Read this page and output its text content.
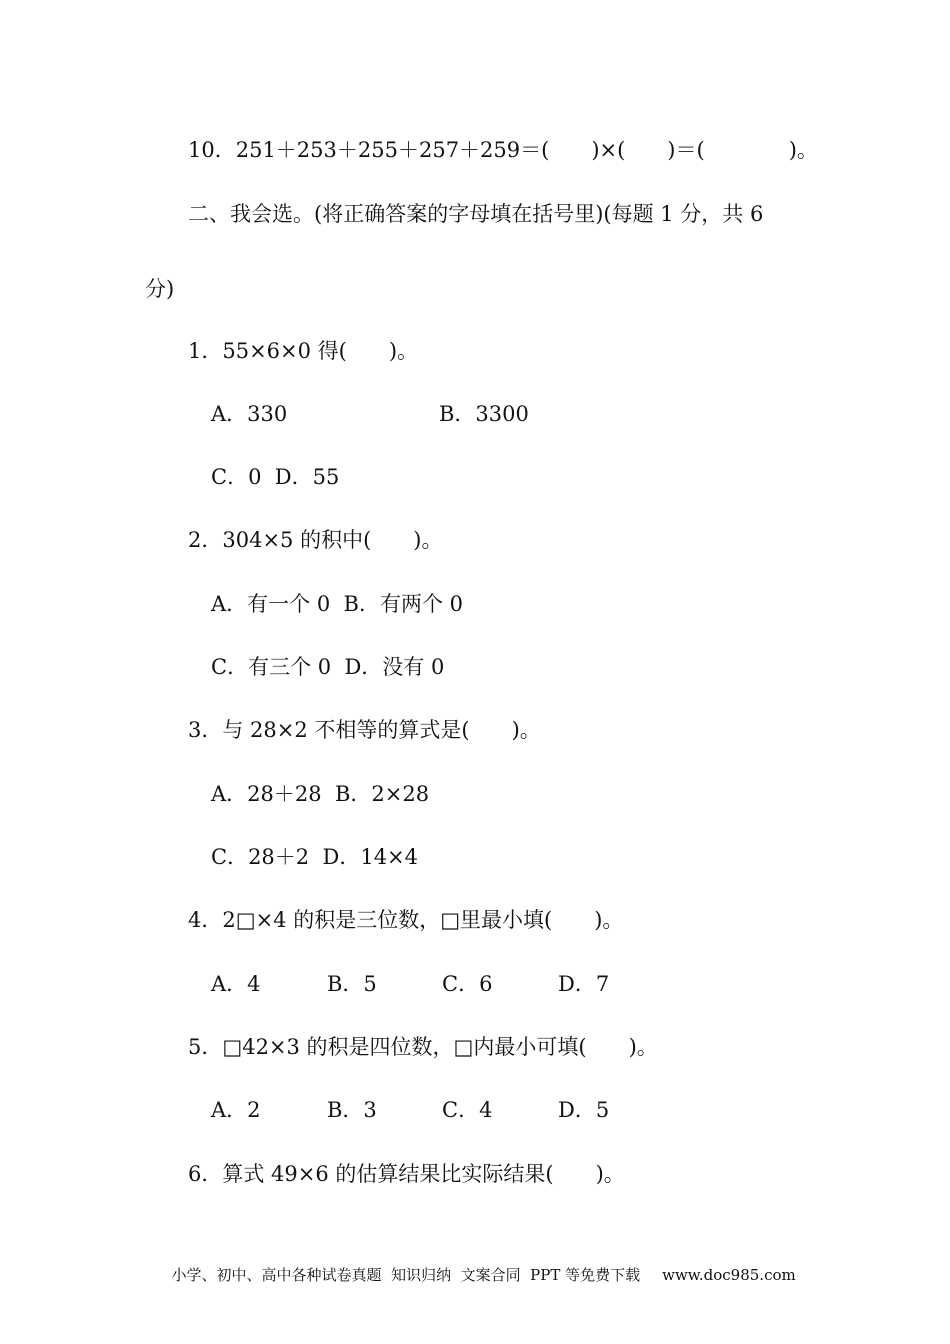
10．251＋253＋255＋257＋259＝(　　)×(　　)＝(　　　　)。
二、我会选。(将正确答案的字母填在括号里)(每题 1 分，共 6
分)
1．55×6×0 得(　　)。
A．330	B．3300
C．0  D．55
2．304×5 的积中(　　)。
A．有一个 0  B．有两个 0
C．有三个 0  D．没有 0
3．与 28×2 不相等的算式是(　　)。
A．28＋28  B．2×28
C．28＋2  D．14×4
4．2□×4 的积是三位数，□里最小填(　　)。
A．4	B．5	C．6	D．7
5．□42×3 的积是四位数，□内最小可填(　　)。
A．2	B．3	C．4	D．5
6．算式 49×6 的估算结果比实际结果(　　)。

小学、初中、高中各种试卷真题  知识归纳  文案合同  PPT 等免费下载 www.doc985.com
